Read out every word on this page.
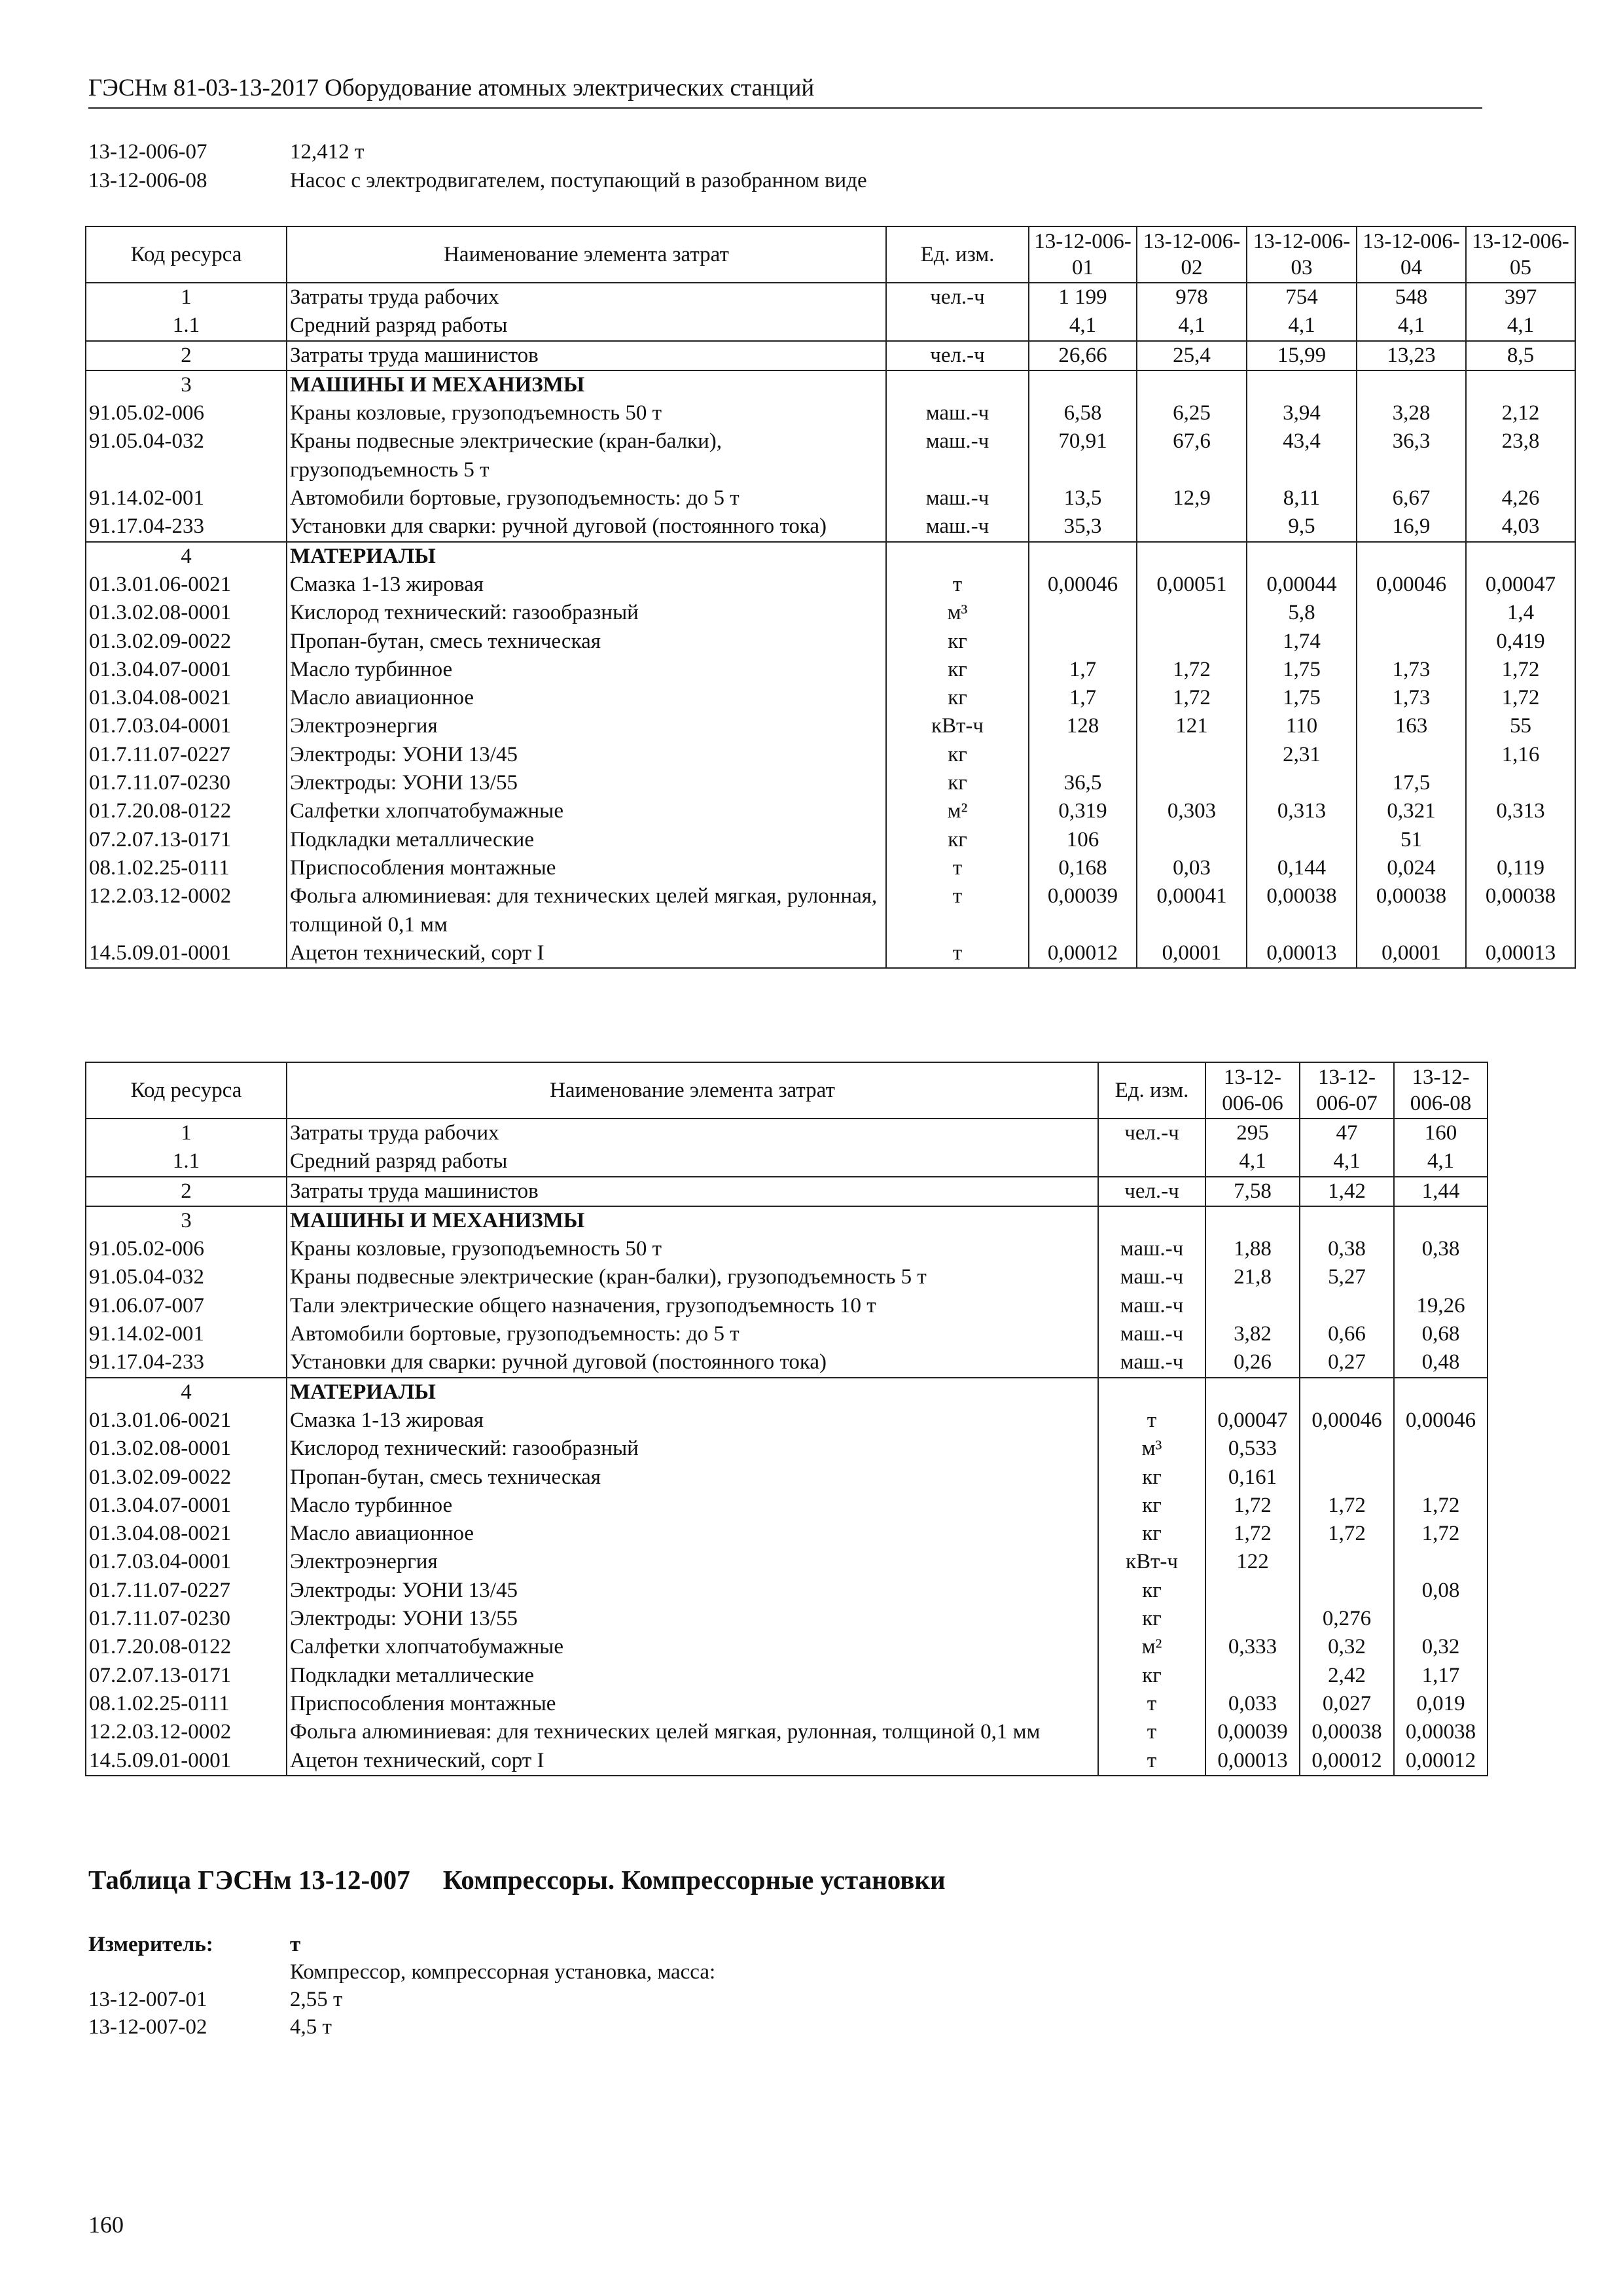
ГЭСНм 81-03-13-2017 Оборудование атомных электрических станций
13-12-006-07	12,412 т
13-12-006-08	Насос с электродвигателем, поступающий в разобранном виде
Код ресурса	Наименование элемента затрат	Ед. изм.	13-12-006-01	13-12-006-02	13-12-006-03	13-12-006-04	13-12-006-05
1	Затраты труда рабочих	чел.-ч	1 199	978	754	548	397
1.1	Средний разряд работы		4,1	4,1	4,1	4,1	4,1
2	Затраты труда машинистов	чел.-ч	26,66	25,4	15,99	13,23	8,5
3	МАШИНЫ И МЕХАНИЗМЫ						
91.05.02-006	Краны козловые, грузоподъемность 50 т	маш.-ч	6,58	6,25	3,94	3,28	2,12
91.05.04-032	Краны подвесные электрические (кран-балки), грузоподъемность 5 т	маш.-ч	70,91	67,6	43,4	36,3	23,8
91.14.02-001	Автомобили бортовые, грузоподъемность: до 5 т	маш.-ч	13,5	12,9	8,11	6,67	4,26
91.17.04-233	Установки для сварки: ручной дуговой (постоянного тока)	маш.-ч	35,3		9,5	16,9	4,03
4	МАТЕРИАЛЫ						
01.3.01.06-0021	Смазка 1-13 жировая	т	0,00046	0,00051	0,00044	0,00046	0,00047
01.3.02.08-0001	Кислород технический: газообразный	м³			5,8		1,4
01.3.02.09-0022	Пропан-бутан, смесь техническая	кг			1,74		0,419
01.3.04.07-0001	Масло турбинное	кг	1,7	1,72	1,75	1,73	1,72
01.3.04.08-0021	Масло авиационное	кг	1,7	1,72	1,75	1,73	1,72
01.7.03.04-0001	Электроэнергия	кВт-ч	128	121	110	163	55
01.7.11.07-0227	Электроды: УОНИ 13/45	кг			2,31		1,16
01.7.11.07-0230	Электроды: УОНИ 13/55	кг	36,5			17,5	
01.7.20.08-0122	Салфетки хлопчатобумажные	м²	0,319	0,303	0,313	0,321	0,313
07.2.07.13-0171	Подкладки металлические	кг	106			51	
08.1.02.25-0111	Приспособления монтажные	т	0,168	0,03	0,144	0,024	0,119
12.2.03.12-0002	Фольга алюминиевая: для технических целей мягкая, рулонная, толщиной 0,1 мм	т	0,00039	0,00041	0,00038	0,00038	0,00038
14.5.09.01-0001	Ацетон технический, сорт I	т	0,00012	0,0001	0,00013	0,0001	0,00013
Код ресурса	Наименование элемента затрат	Ед. изм.	13-12-006-06	13-12-006-07	13-12-006-08
1	Затраты труда рабочих	чел.-ч	295	47	160
1.1	Средний разряд работы		4,1	4,1	4,1
2	Затраты труда машинистов	чел.-ч	7,58	1,42	1,44
3	МАШИНЫ И МЕХАНИЗМЫ				
91.05.02-006	Краны козловые, грузоподъемность 50 т	маш.-ч	1,88	0,38	0,38
91.05.04-032	Краны подвесные электрические (кран-балки), грузоподъемность 5 т	маш.-ч	21,8	5,27	
91.06.07-007	Тали электрические общего назначения, грузоподъемность 10 т	маш.-ч			19,26
91.14.02-001	Автомобили бортовые, грузоподъемность: до 5 т	маш.-ч	3,82	0,66	0,68
91.17.04-233	Установки для сварки: ручной дуговой (постоянного тока)	маш.-ч	0,26	0,27	0,48
4	МАТЕРИАЛЫ				
01.3.01.06-0021	Смазка 1-13 жировая	т	0,00047	0,00046	0,00046
01.3.02.08-0001	Кислород технический: газообразный	м³	0,533		
01.3.02.09-0022	Пропан-бутан, смесь техническая	кг	0,161		
01.3.04.07-0001	Масло турбинное	кг	1,72	1,72	1,72
01.3.04.08-0021	Масло авиационное	кг	1,72	1,72	1,72
01.7.03.04-0001	Электроэнергия	кВт-ч	122		
01.7.11.07-0227	Электроды: УОНИ 13/45	кг			0,08
01.7.11.07-0230	Электроды: УОНИ 13/55	кг		0,276	
01.7.20.08-0122	Салфетки хлопчатобумажные	м²	0,333	0,32	0,32
07.2.07.13-0171	Подкладки металлические	кг		2,42	1,17
08.1.02.25-0111	Приспособления монтажные	т	0,033	0,027	0,019
12.2.03.12-0002	Фольга алюминиевая: для технических целей мягкая, рулонная, толщиной 0,1 мм	т	0,00039	0,00038	0,00038
14.5.09.01-0001	Ацетон технический, сорт I	т	0,00013	0,00012	0,00012
Таблица ГЭСНм 13-12-007 Компрессоры. Компрессорные установки
Измеритель:	т
Компрессор, компрессорная установка, масса:
13-12-007-01	2,55 т
13-12-007-02	4,5 т
160
